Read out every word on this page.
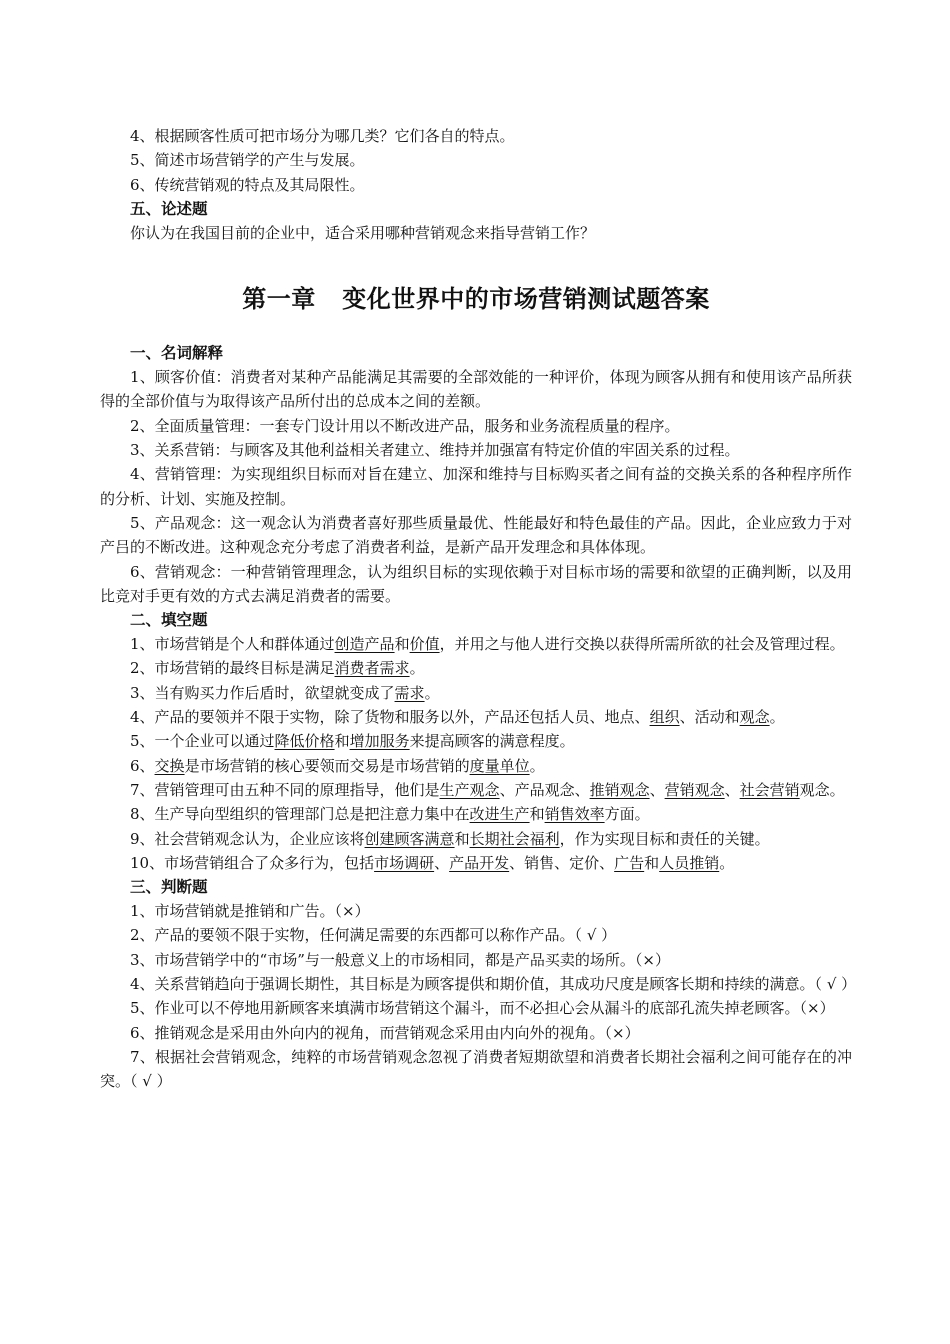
4、根据顾客性质可把市场分为哪几类？它们各自的特点。

5、简述市场营销学的产生与发展。

6、传统营销观的特点及其局限性。

五、论述题

你认为在我国目前的企业中，适合采用哪种营销观念来指导营销工作？

第一章 变化世界中的市场营销测试题答案

一、名词解释

1、顾客价值：消费者对某种产品能满足其需要的全部效能的一种评价，体现为顾客从拥有和使用该产品所获得的全部价值与为取得该产品所付出的总成本之间的差额。

2、全面质量管理：一套专门设计用以不断改进产品，服务和业务流程质量的程序。

3、关系营销：与顾客及其他利益相关者建立、维持并加强富有特定价值的牢固关系的过程。

4、营销管理：为实现组织目标而对旨在建立、加深和维持与目标购买者之间有益的交换关系的各种程序所作的分析、计划、实施及控制。

5、产品观念：这一观念认为消费者喜好那些质量最优、性能最好和特色最佳的产品。因此，企业应致力于对产吕的不断改进。这种观念充分考虑了消费者利益，是新产品开发理念和具体体现。

6、营销观念：一种营销管理理念，认为组织目标的实现依赖于对目标市场的需要和欲望的正确判断，以及用比竞对手更有效的方式去满足消费者的需要。

二、填空题

1、市场营销是个人和群体通过创造产品和价值，并用之与他人进行交换以获得所需所欲的社会及管理过程。

2、市场营销的最终目标是满足消费者需求。

3、当有购买力作后盾时，欲望就变成了需求。

4、产品的要领并不限于实物，除了货物和服务以外，产品还包括人员、地点、组织、活动和观念。

5、一个企业可以通过降低价格和增加服务来提高顾客的满意程度。

6、交换是市场营销的核心要领而交易是市场营销的度量单位。

7、营销管理可由五种不同的原理指导，他们是生产观念、产品观念、推销观念、营销观念、社会营销观念。

8、生产导向型组织的管理部门总是把注意力集中在改进生产和销售效率方面。

9、社会营销观念认为，企业应该将创建顾客满意和长期社会福利，作为实现目标和责任的关键。

10、市场营销组合了众多行为，包括市场调研、产品开发、销售、定价、广告和人员推销。

三、判断题

1、市场营销就是推销和广告。（×）

2、产品的要领不限于实物，任何满足需要的东西都可以称作产品。（ √ ）

3、市场营销学中的“市场”与一般意义上的市场相同，都是产品买卖的场所。（×）

4、关系营销趋向于强调长期性，其目标是为顾客提供和期价值，其成功尺度是顾客长期和持续的满意。（ √ ）

5、作业可以不停地用新顾客来填满市场营销这个漏斗，而不必担心会从漏斗的底部孔流失掉老顾客。（×）

6、推销观念是采用由外向内的视角，而营销观念采用由内向外的视角。（×）

7、根据社会营销观念，纯粹的市场营销观念忽视了消费者短期欲望和消费者长期社会福利之间可能存在的冲突。（ √ ）
